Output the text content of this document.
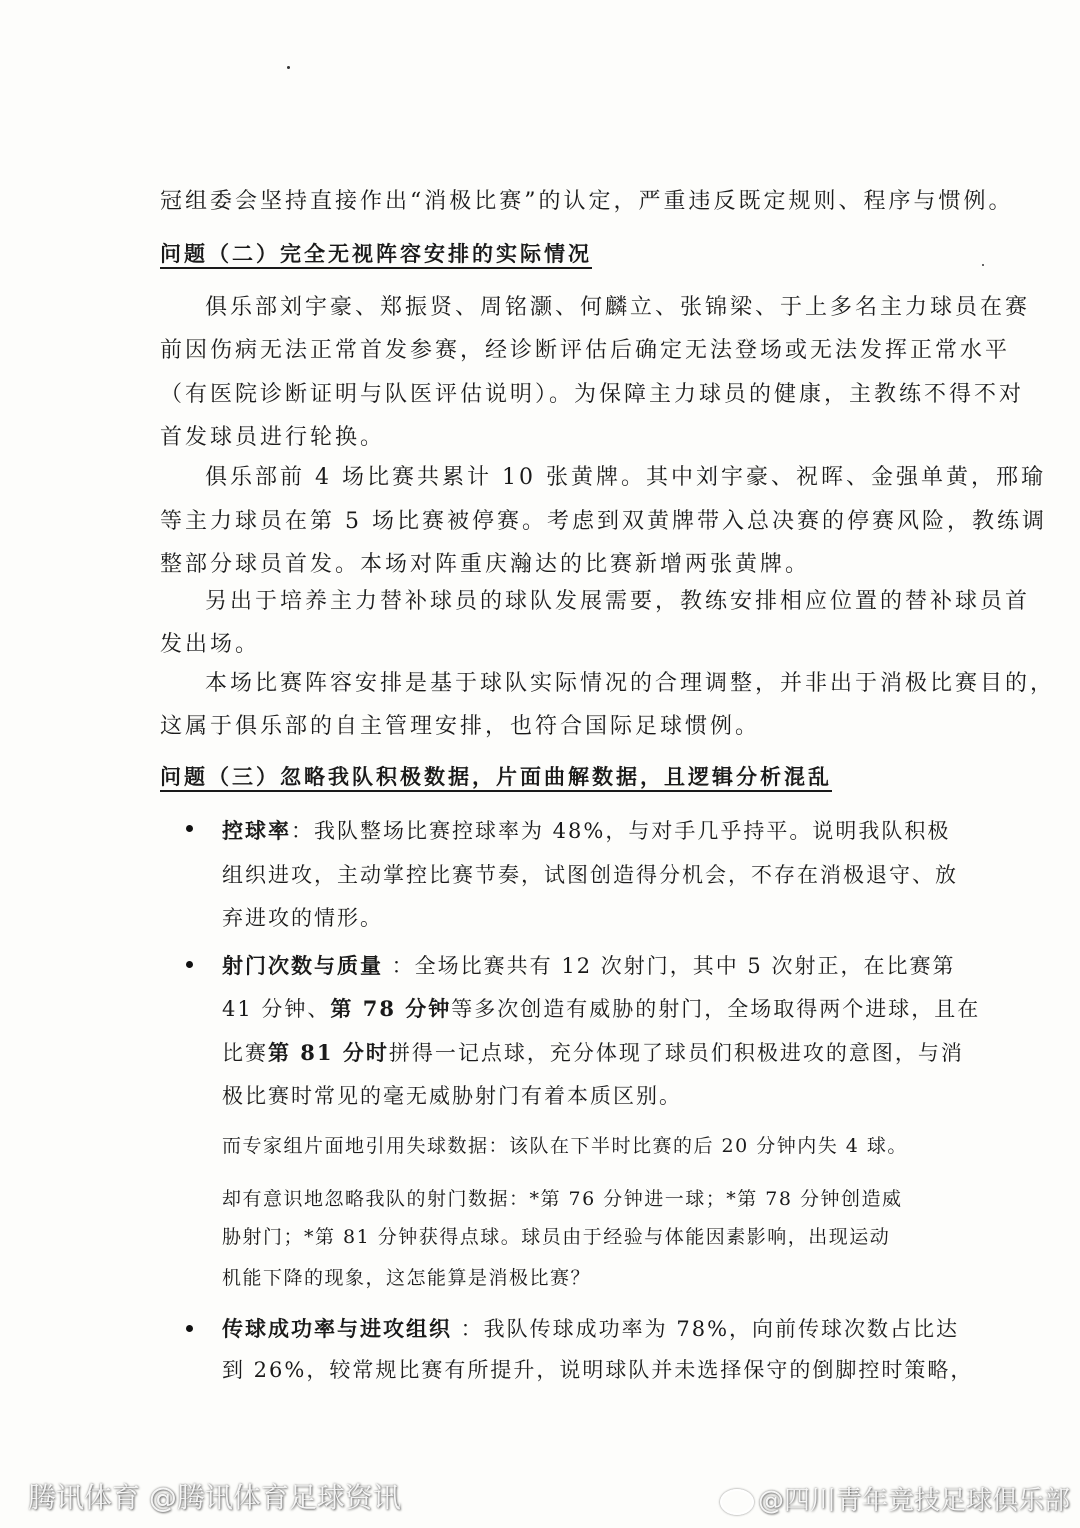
冠组委会坚持直接作出“消极比赛”的认定，严重违反既定规则、程序与惯例。
问题（二）完全无视阵容安排的实际情况
俱乐部刘宇豪、郑振贤、周铭灏、何麟立、张锦梁、于上多名主力球员在赛
前因伤病无法正常首发参赛，经诊断评估后确定无法登场或无法发挥正常水平
（有医院诊断证明与队医评估说明）。为保障主力球员的健康，主教练不得不对
首发球员进行轮换。
俱乐部前 4 场比赛共累计 10 张黄牌。其中刘宇豪、祝晖、金强单黄，邢瑜
等主力球员在第 5 场比赛被停赛。考虑到双黄牌带入总决赛的停赛风险，教练调
整部分球员首发。本场对阵重庆瀚达的比赛新增两张黄牌。
另出于培养主力替补球员的球队发展需要，教练安排相应位置的替补球员首
发出场。
本场比赛阵容安排是基于球队实际情况的合理调整，并非出于消极比赛目的，
这属于俱乐部的自主管理安排，也符合国际足球惯例。
问题（三）忽略我队积极数据，片面曲解数据，且逻辑分析混乱
控球率：我队整场比赛控球率为 48%，与对手几乎持平。说明我队积极
组织进攻，主动掌控比赛节奏，试图创造得分机会，不存在消极退守、放
弃进攻的情形。
射门次数与质量 ：全场比赛共有 12 次射门，其中 5 次射正，在比赛第
41 分钟、第 78 分钟等多次创造有威胁的射门，全场取得两个进球，且在
比赛第 81 分时拼得一记点球，充分体现了球员们积极进攻的意图，与消
极比赛时常见的毫无威胁射门有着本质区别。
而专家组片面地引用失球数据：该队在下半时比赛的后 20 分钟内失 4 球。
却有意识地忽略我队的射门数据：*第 76 分钟进一球；*第 78 分钟创造威
胁射门；*第 81 分钟获得点球。球员由于经验与体能因素影响，出现运动
机能下降的现象，这怎能算是消极比赛？
传球成功率与进攻组织 ：我队传球成功率为 78%，向前传球次数占比达
到 26%，较常规比赛有所提升，说明球队并未选择保守的倒脚控时策略，
腾讯体育 @腾讯体育足球资讯	@四川青年竞技足球俱乐部
